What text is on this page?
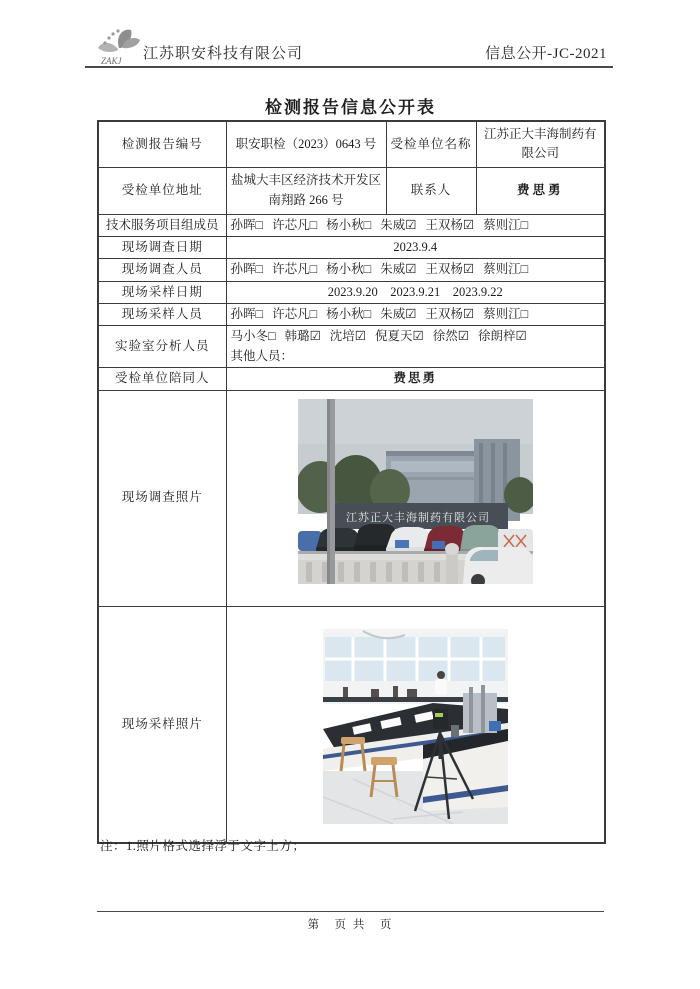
ZAKJ 江苏职安科技有限公司	信息公开-JC-2021
检测报告信息公开表
检测报告编号	职安职检（2023）0643 号	受检单位名称	江苏正大丰海制药有限公司
受检单位地址	盐城大丰区经济技术开发区南翔路 266 号	联系人	费思勇
技术服务项目组成员	孙晖□ 许芯凡□ 杨小秋□ 朱威☑ 王双杨☑ 蔡则江□		
现场调查日期	2023.9.4		
现场调查人员	孙晖□ 许芯凡□ 杨小秋□ 朱威☑ 王双杨☑ 蔡则江□		
现场采样日期	2023.9.20    2023.9.21    2023.9.22		
现场采样人员	孙晖□ 许芯凡□ 杨小秋□ 朱威☑ 王双杨☑ 蔡则江□		
实验室分析人员	马小冬□ 韩璐☑ 沈培☑ 倪夏天☑ 徐然☑ 徐朗梓☑
其他人员：		

受检单位陪同人	费思勇		
现场调查照片	江苏正大丰海制药有限公司		

现场采样照片	
注：1.照片格式选择浮于文字上方；
第　页 共　页
